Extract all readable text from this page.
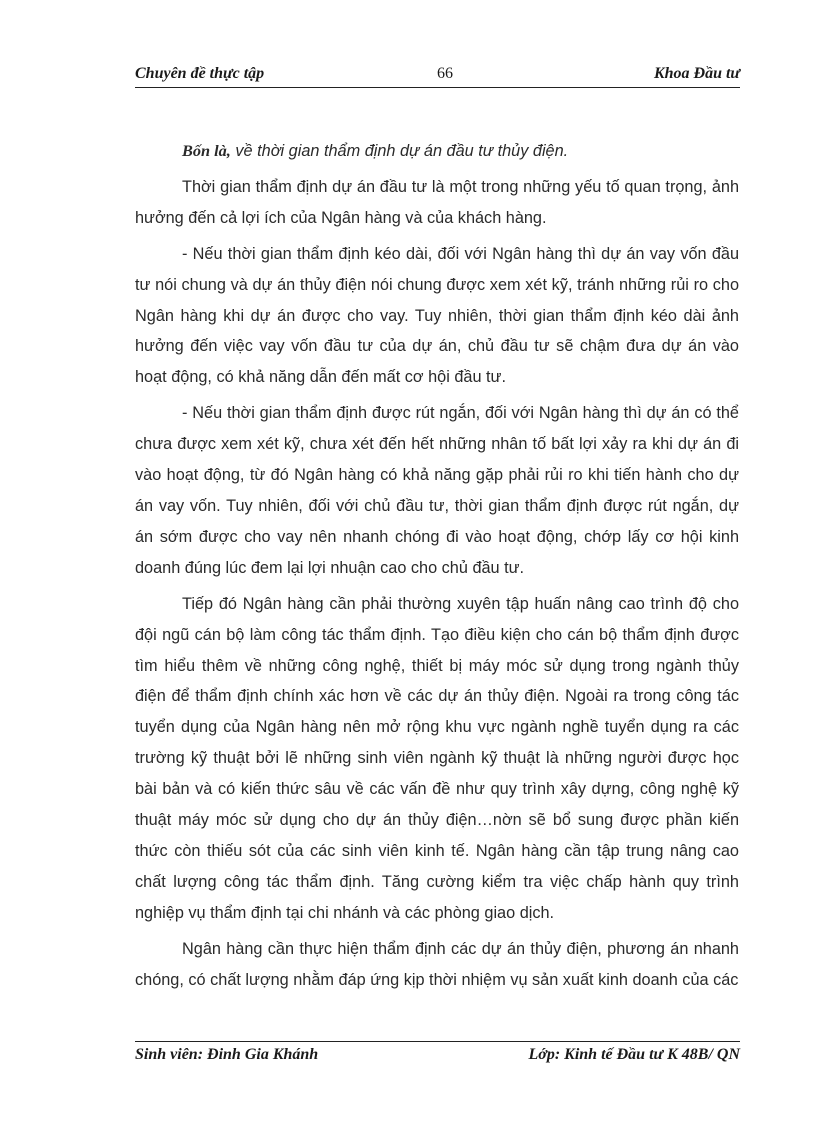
Chuyên đề thực tập	66	Khoa Đầu tư

Bốn là, về thời gian thẩm định dự án đầu tư thủy điện.

Thời gian thẩm định dự án đầu tư là một trong những yếu tố quan trọng, ảnh hưởng đến cả lợi ích của Ngân hàng và của khách hàng.

- Nếu thời gian thẩm định kéo dài, đối với Ngân hàng thì dự án vay vốn đầu tư nói chung và dự án thủy điện nói chung được xem xét kỹ, tránh những rủi ro cho Ngân hàng khi dự án được cho vay. Tuy nhiên, thời gian thẩm định kéo dài ảnh hưởng đến việc vay vốn đầu tư của dự án, chủ đầu tư sẽ chậm đưa dự án vào hoạt động, có khả năng dẫn đến mất cơ hội đầu tư.

- Nếu thời gian thẩm định được rút ngắn, đối với Ngân hàng thì dự án có thể chưa được xem xét kỹ, chưa xét đến hết những nhân tố bất lợi xảy ra khi dự án đi vào hoạt động, từ đó Ngân hàng có khả năng gặp phải rủi ro khi tiến hành cho dự án vay vốn. Tuy nhiên, đối với chủ đầu tư, thời gian thẩm định được rút ngắn, dự án sớm được cho vay nên nhanh chóng đi vào hoạt động, chớp lấy cơ hội kinh doanh đúng lúc đem lại lợi nhuận cao cho chủ đầu tư.

Tiếp đó Ngân hàng cần phải thường xuyên tập huấn nâng cao trình độ cho đội ngũ cán bộ làm công tác thẩm định. Tạo điều kiện cho cán bộ thẩm định được tìm hiểu thêm về những công nghệ, thiết bị máy móc sử dụng trong ngành thủy điện để thẩm định chính xác hơn về các dự án thủy điện. Ngoài ra trong công tác tuyển dụng của Ngân hàng nên mở rộng khu vực ngành nghề tuyển dụng ra các trường kỹ thuật bởi lẽ những sinh viên ngành kỹ thuật là những người được học bài bản và có kiến thức sâu về các vấn đề như quy trình xây dựng, công nghệ kỹ thuật máy móc sử dụng cho dự án thủy điện…nờn sẽ bổ sung được phần kiến thức còn thiếu sót của các sinh viên kinh tế. Ngân hàng cần tập trung nâng cao chất lượng công tác thẩm định. Tăng cường kiểm tra việc chấp hành quy trình nghiệp vụ thẩm định tại chi nhánh và các phòng giao dịch.

Ngân hàng cần thực hiện thẩm định các dự án thủy điện, phương án nhanh chóng, có chất lượng nhằm đáp ứng kịp thời nhiệm vụ sản xuất kinh doanh của các

Sinh viên: Đinh Gia Khánh	Lớp: Kinh tế Đầu tư K 48B/ QN
